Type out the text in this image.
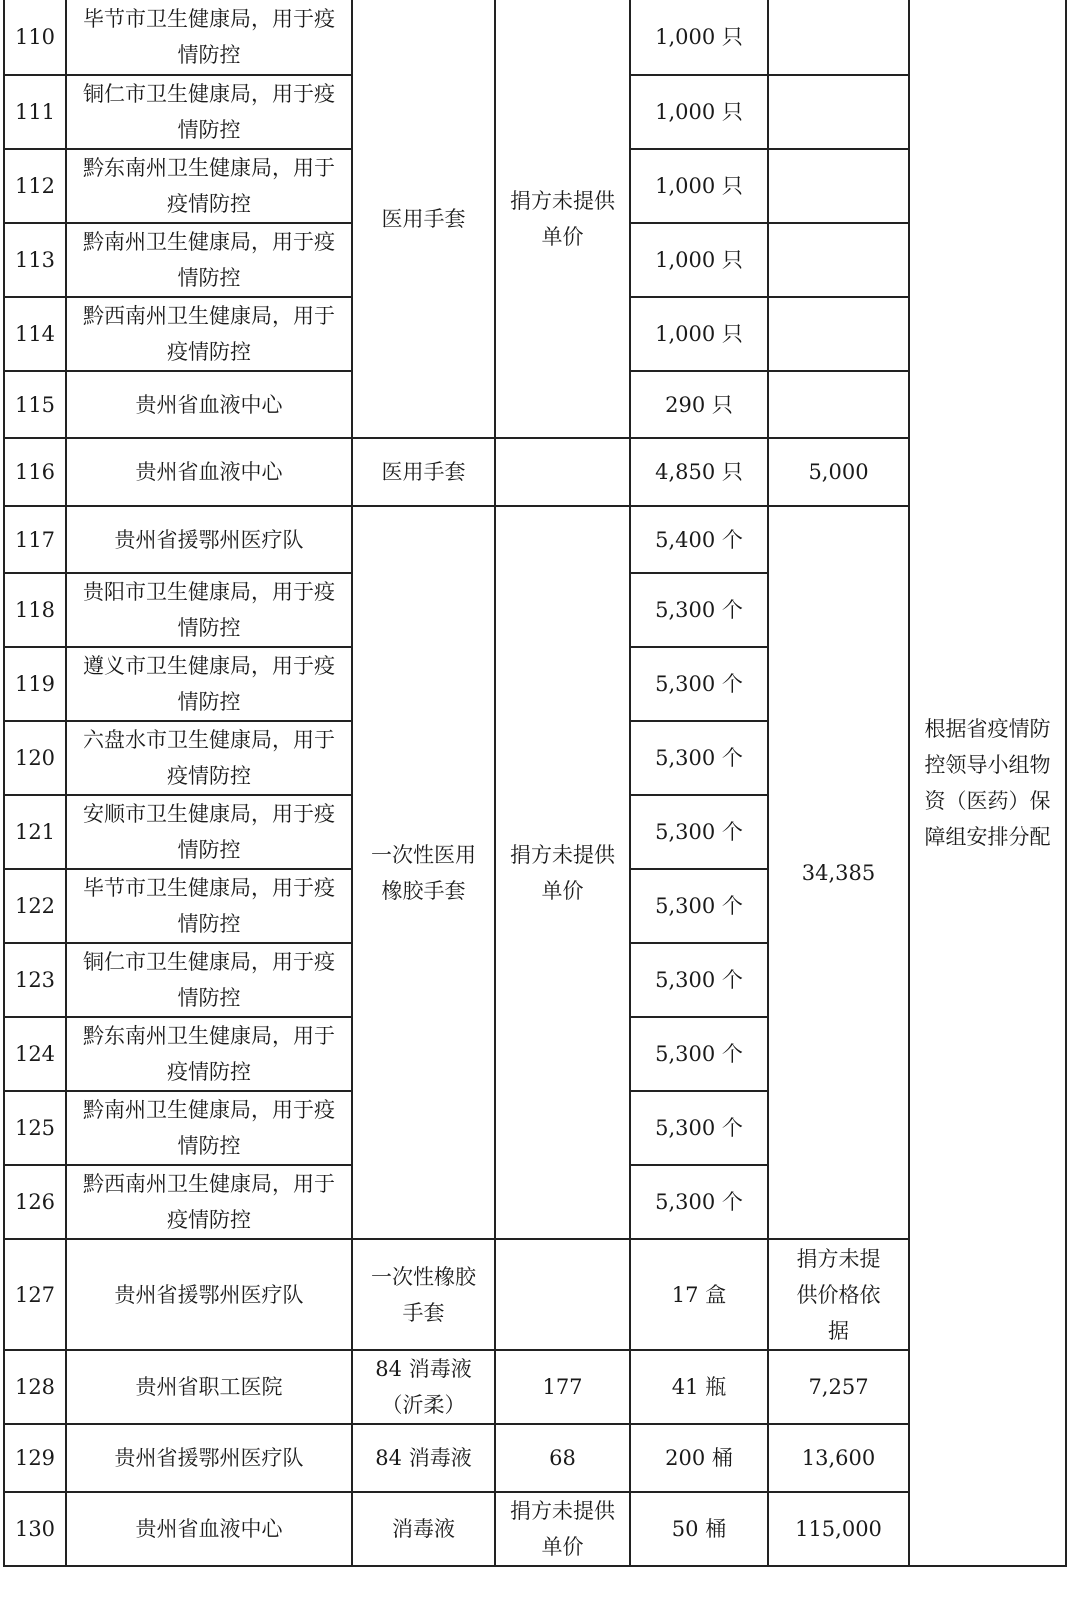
110	毕节市卫生健康局，用于疫情防控	医用手套	捐方未提供单价	1,000 只		根据省疫情防控领导小组物资（医药）保障组安排分配
111	铜仁市卫生健康局，用于疫情防控			1,000 只		
112	黔东南州卫生健康局，用于疫情防控			1,000 只		
113	黔南州卫生健康局，用于疫情防控			1,000 只		
114	黔西南州卫生健康局，用于疫情防控			1,000 只		
115	贵州省血液中心			290 只		
116	贵州省血液中心	医用手套		4,850 只	5,000	
117	贵州省援鄂州医疗队	一次性医用橡胶手套	捐方未提供单价	5,400 个	34,385	
118	贵阳市卫生健康局，用于疫情防控			5,300 个		
119	遵义市卫生健康局，用于疫情防控			5,300 个		
120	六盘水市卫生健康局，用于疫情防控			5,300 个		
121	安顺市卫生健康局，用于疫情防控			5,300 个		
122	毕节市卫生健康局，用于疫情防控			5,300 个		
123	铜仁市卫生健康局，用于疫情防控			5,300 个		
124	黔东南州卫生健康局，用于疫情防控			5,300 个		
125	黔南州卫生健康局，用于疫情防控			5,300 个		
126	黔西南州卫生健康局，用于疫情防控			5,300 个		
127	贵州省援鄂州医疗队	一次性橡胶手套		17 盒	捐方未提供价格依据	
128	贵州省职工医院	84 消毒液（沂柔）	177	41 瓶	7,257	
129	贵州省援鄂州医疗队	84 消毒液	68	200 桶	13,600	
130	贵州省血液中心	消毒液	捐方未提供单价	50 桶	115,000	
